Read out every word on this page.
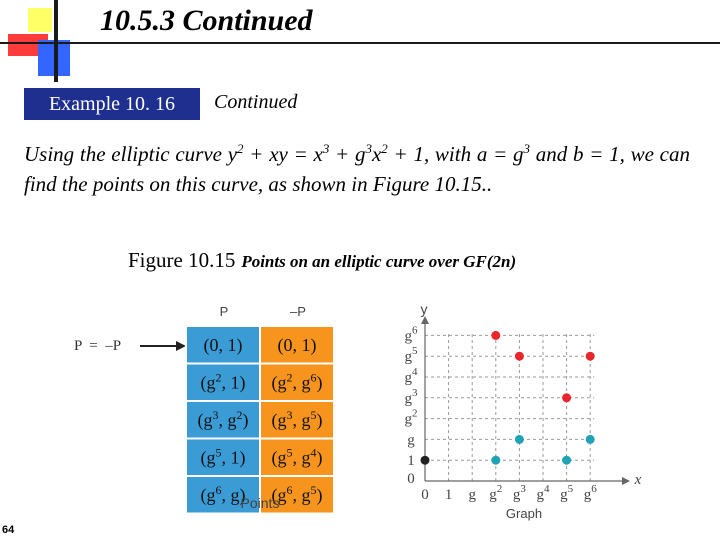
10.5.3 Continued
Example 10. 16	Continued
Using the elliptic curve $y^2$ + xy = $x^3 + g^3x^2 + 1$, with $a = g^3$ and b = 1, we can find the points on this curve, as shown in Figure 10.15..
Figure 10.15 Points on an elliptic curve over GF(2n)
P	–P
P  =  –P	(0, 1) (0, 1)
($g^2$, 1) ($g^2$, $g^6$)
($g^3$, $g^2$) ($g^3$, $g^5$)
($g^5$, 1) ($g^5$, $g^4$)
($g^6$, g) ($g^6$, $g^5$)
Points	0 1 g $g^2$ $g^3$ $g^4$ $g^5$ $g^6$
0
1
g
$g^2$
$g^3$
$g^4$
$g^5$
$g^6$
y
x
Graph
64
